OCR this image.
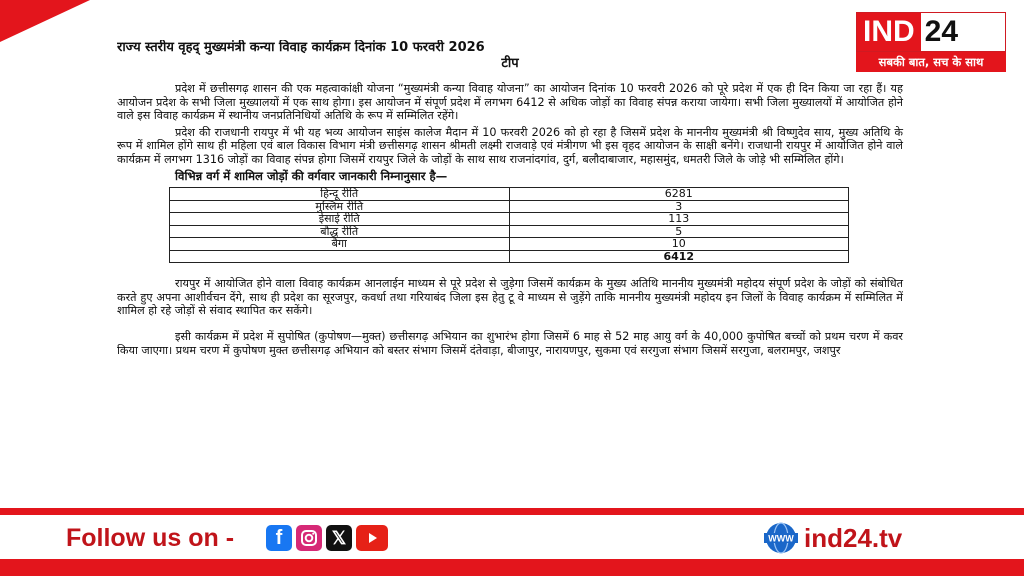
राज्य स्तरीय वृहद् मुख्यमंत्री कन्या विवाह कार्यक्रम दिनांक 10 फरवरी 2026
टीप

प्रदेश में छत्तीसगढ़ शासन की एक महत्वाकांक्षी योजना “मुख्यमंत्री कन्या विवाह योजना” का आयोजन दिनांक 10 फरवरी 2026 को पूरे प्रदेश में एक ही दिन किया जा रहा हैं। यह आयोजन प्रदेश के सभी जिला मुख्यालयों में एक साथ होगा। इस आयोजन में संपूर्ण प्रदेश में लगभग 6412 से अधिक जोड़ों का विवाह संपन्न कराया जायेगा। सभी जिला मुख्यालयों में आयोजित होने वाले इस विवाह कार्यक्रम में स्थानीय जनप्रतिनिधियों अतिथि के रूप में सम्मिलित रहेंगे।

प्रदेश की राजधानी रायपुर में भी यह भव्य आयोजन साइंस कालेज मैदान में 10 फरवरी 2026 को हो रहा है जिसमें प्रदेश के माननीय मुख्यमंत्री श्री विष्णुदेव साय, मुख्य अतिथि के रूप में शामिल होंगे साथ ही महिला एवं बाल विकास विभाग मंत्री छत्तीसगढ़ शासन श्रीमती लक्ष्मी राजवाड़े एवं मंत्रीगण भी इस वृहद आयोजन के साक्षी बनेंगे। राजधानी रायपुर में आयोजित होने वाले कार्यक्रम में लगभग 1316 जोड़ों का विवाह संपन्न होगा जिसमें रायपुर जिले के जोड़ों के साथ साथ राजनांदगांव, दुर्ग, बलौदाबाजार, महासमुंद, धमतरी जिले के जोड़े भी सम्मिलित होंगे।

विभिन्न वर्ग में शामिल जोड़ों की वर्गवार जानकारी निम्नानुसार है—
हिन्दू रीति	6281
मुस्लिम रीति	3
ईसाई रीति	113
बौद्ध रीति	5
बैगा	10
	6412

रायपुर में आयोजित होने वाला विवाह कार्यक्रम आनलाईन माध्यम से पूरे प्रदेश से जुड़ेगा जिसमें कार्यक्रम के मुख्य अतिथि माननीय मुख्यमंत्री महोदय संपूर्ण प्रदेश के जोड़ों को संबोधित करते हुए अपना आशीर्वचन देंगे, साथ ही प्रदेश का सूरजपुर, कवर्धा तथा गरियाबंद जिला इस हेतु टू वे माध्यम से जुड़ेंगे ताकि माननीय मुख्यमंत्री महोदय इन जिलों के विवाह कार्यक्रम में सम्मिलित में शामिल हो रहे जोड़ों से संवाद स्थापित कर सकेंगे।

इसी कार्यक्रम में प्रदेश में सुपोषित (कुपोषण—मुक्त) छत्तीसगढ़ अभियान का शुभारंभ होगा जिसमें 6 माह से 52 माह आयु वर्ग के 40,000 कुपोषित बच्चों को प्रथम चरण में कवर किया जाएगा। प्रथम चरण में कुपोषण मुक्त छत्तीसगढ़ अभियान को बस्तर संभाग जिसमें दंतेवाड़ा, बीजापुर, नारायणपुर, सुकमा एवं सरगुजा संभाग जिसमें सरगुजा, बलरामपुर, जशपुर

IND 24
सबकी बात, सच के साथ
Follow us on -	f	𝕏	WWW ind24.tv
